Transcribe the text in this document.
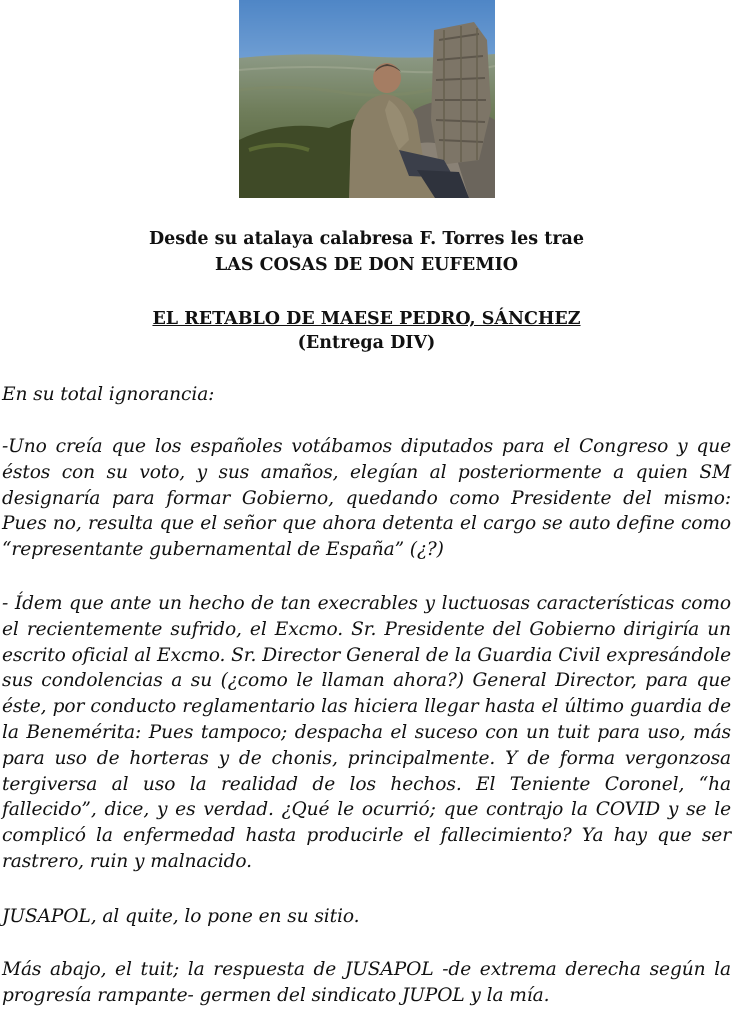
Desde su atalaya calabresa F. Torres les trae
LAS COSAS DE DON EUFEMIO
EL RETABLO DE MAESE PEDRO, SÁNCHEZ
(Entrega DIV)

En su total ignorancia:

-Uno creía que los españoles votábamos diputados para el Congreso y que éstos con su voto, y sus amaños, elegían al posteriormente a quien SM designaría para formar Gobierno, quedando como Presidente del mismo: Pues no, resulta que el señor que ahora detenta el cargo se auto define como “representante gubernamental de España” (¿?)

- Ídem que ante un hecho de tan execrables y luctuosas características como el recientemente sufrido, el Excmo. Sr. Presidente del Gobierno dirigiría un escrito oficial al Excmo. Sr. Director General de la Guardia Civil expresándole sus condolencias a su (¿como le llaman ahora?) General Director, para que éste, por conducto reglamentario las hiciera llegar hasta el último guardia de la Benemérita: Pues tampoco; despacha el suceso con un tuit para uso, más para uso de horteras y de chonis, principalmente. Y de forma vergonzosa tergiversa al uso la realidad de los hechos. El Teniente Coronel, “ha fallecido”, dice, y es verdad. ¿Qué le ocurrió; que contrajo la COVID y se le complicó la enfermedad hasta producirle el fallecimiento? Ya hay que ser rastrero, ruin y malnacido.

JUSAPOL, al quite, lo pone en su sitio.

Más abajo, el tuit; la respuesta de JUSAPOL -de extrema derecha según la progresía rampante- germen del sindicato JUPOL y la mía.
